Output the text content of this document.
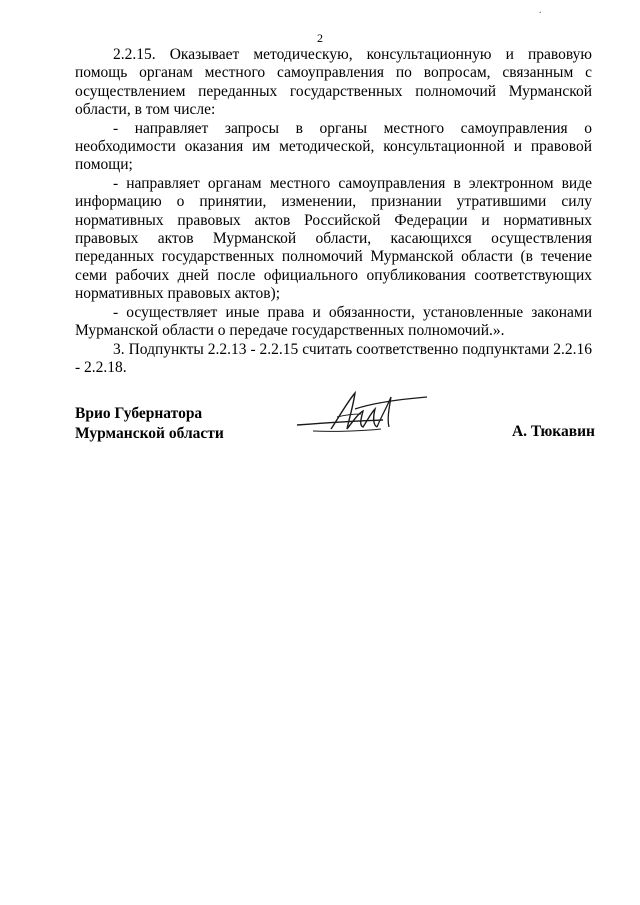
.
2

2.2.15. Оказывает методическую, консультационную и правовую помощь органам местного самоуправления по вопросам, связанным с осуществлением переданных государственных полномочий Мурманской области, в том числе:

- направляет запросы в органы местного самоуправления о необходимости оказания им методической, консультационной и правовой помощи;

- направляет органам местного самоуправления в электронном виде информацию о принятии, изменении, признании утратившими силу нормативных правовых актов Российской Федерации и нормативных правовых актов Мурманской области, касающихся осуществления переданных государственных полномочий Мурманской области (в течение семи рабочих дней после официального опубликования соответствующих нормативных правовых актов);

- осуществляет иные права и обязанности, установленные законами Мурманской области о передаче государственных полномочий.».

3. Подпункты 2.2.13 - 2.2.15 считать соответственно подпунктами 2.2.16 - 2.2.18.

Врио Губернатора
Мурманской области	А. Тюкавин
